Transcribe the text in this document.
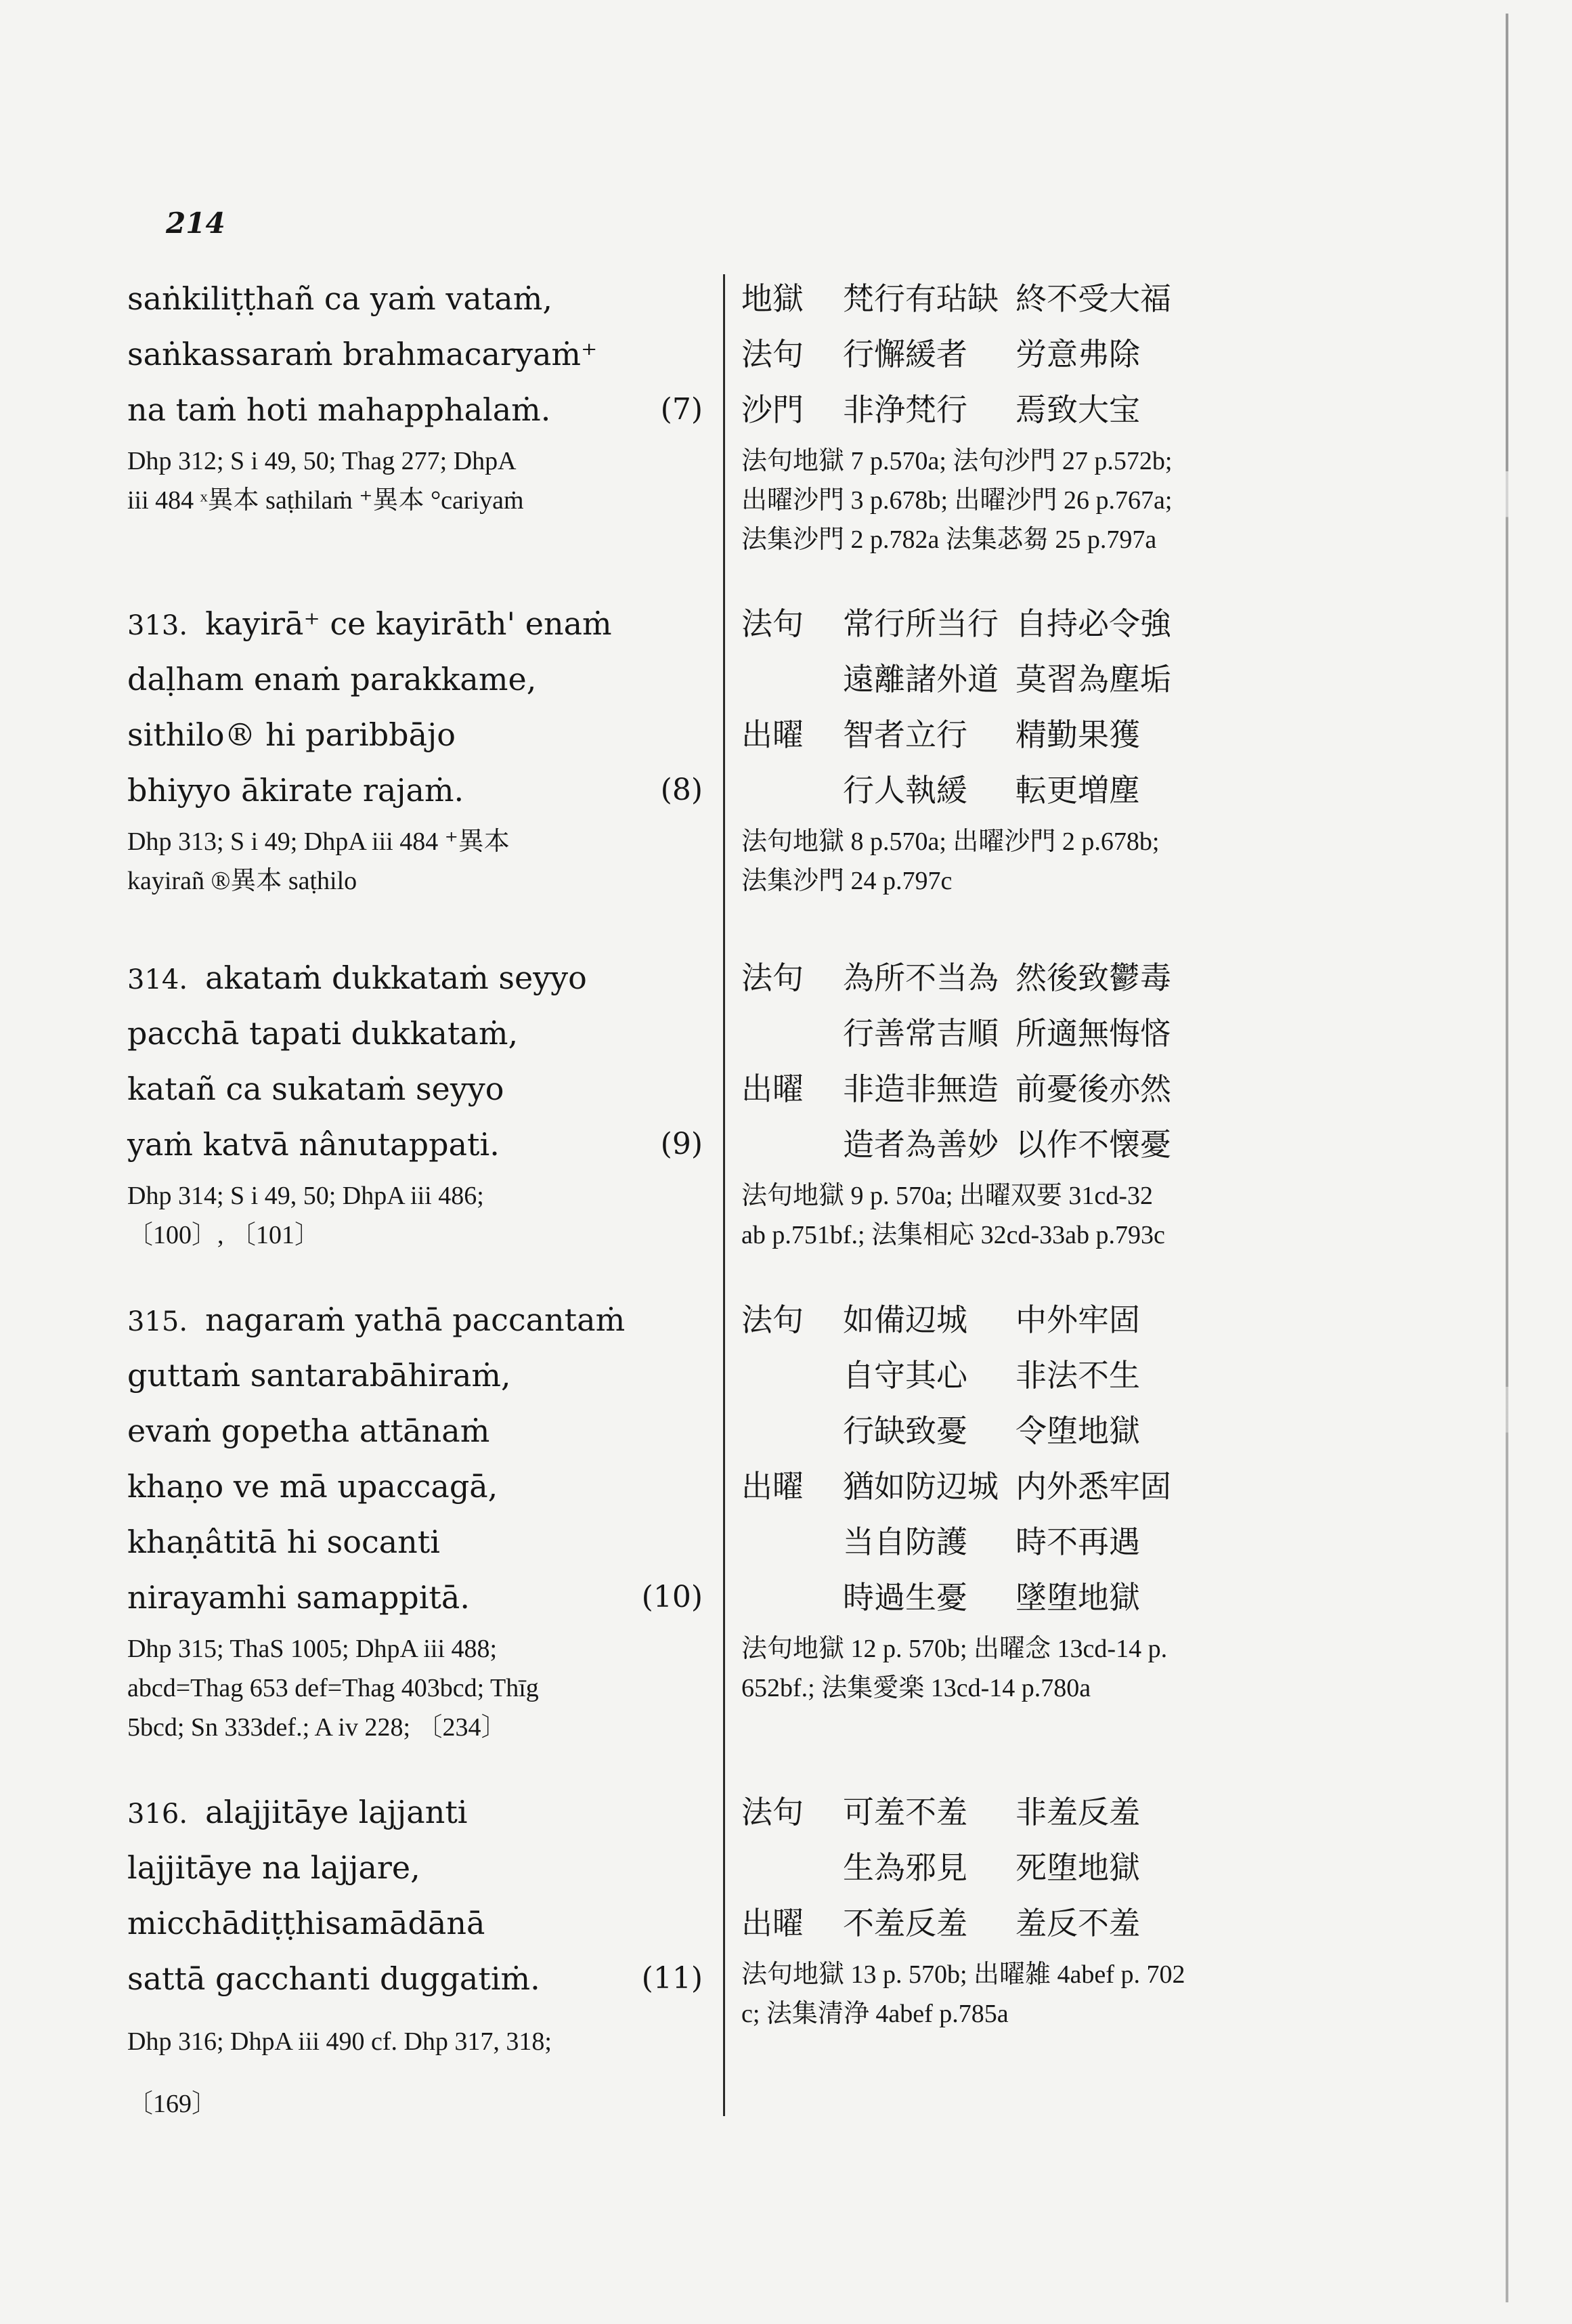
214
saṅkiliṭṭhañ ca yaṁ vataṁ,
saṅkassaraṁ brahmacaryaṁ⁺
na taṁ hoti mahapphalaṁ.	(7)
Dhp 312; S i 49, 50; Thag 277; DhpA
iii 484 ˣ異本 saṭhilaṁ ⁺異本 °cariyaṁ
地獄	梵行有玷缺 終不受大福
法句	行懈緩者 労意弗除
沙門	非浄梵行 焉致大宝
法句地獄 7 p.570a; 法句沙門 27 p.572b;
出曜沙門 3 p.678b; 出曜沙門 26 p.767a;
法集沙門 2 p.782a 法集苾芻 25 p.797a
313. kayirā⁺ ce kayirāth' enaṁ
daḷham enaṁ parakkame,
sithilo® hi paribbājo
bhiyyo ākirate rajaṁ.	(8)
Dhp 313; S i 49; DhpA iii 484 ⁺異本
kayirañ ®異本 saṭhilo
法句	常行所当行 自持必令強
遠離諸外道 莫習為塵垢
出曜	智者立行 精勤果獲
行人執緩 転更増塵
法句地獄 8 p.570a; 出曜沙門 2 p.678b;
法集沙門 24 p.797c
314. akataṁ dukkataṁ seyyo
pacchā tapati dukkataṁ,
katañ ca sukataṁ seyyo
yaṁ katvā nânutappati.	(9)
Dhp 314; S i 49, 50; DhpA iii 486;
〔100〕, 〔101〕
法句	為所不当為 然後致鬱毒
行善常吉順 所適無悔悋
出曜	非造非無造 前憂後亦然
造者為善妙 以作不懐憂
法句地獄 9 p. 570a; 出曜双要 31cd-32
ab p.751bf.; 法集相応 32cd-33ab p.793c
315. nagaraṁ yathā paccantaṁ
guttaṁ santarabāhiraṁ,
evaṁ gopetha attānaṁ
khaṇo ve mā upaccagā,
khaṇâtitā hi socanti
nirayamhi samappitā.	(10)
Dhp 315; ThaS 1005; DhpA iii 488;
abcd=Thag 653 def=Thag 403bcd; Thīg
5bcd; Sn 333def.; A iv 228; 〔234〕
法句	如備辺城 中外牢固
自守其心 非法不生
行缺致憂 令堕地獄
出曜	猶如防辺城 内外悉牢固
当自防護 時不再遇
時過生憂 墜堕地獄
法句地獄 12 p. 570b; 出曜念 13cd-14 p.
652bf.; 法集愛楽 13cd-14 p.780a
316. alajjitāye lajjanti
lajjitāye na lajjare,
micchādiṭṭhisamādānā
sattā gacchanti duggatiṁ.	(11)
Dhp 316; DhpA iii 490 cf. Dhp 317, 318;
〔169〕
法句	可羞不羞 非羞反羞
生為邪見 死堕地獄
出曜	不羞反羞 羞反不羞
法句地獄 13 p. 570b; 出曜雑 4abef p. 702
c; 法集清浄 4abef p.785a
